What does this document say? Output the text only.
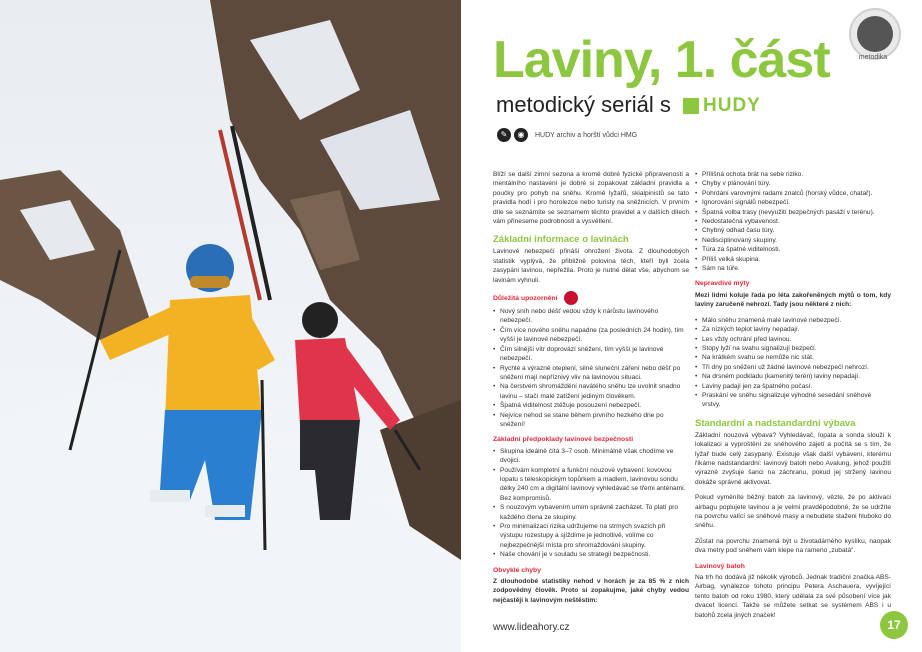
metodika
Laviny, 1. část
metodický seriál s HUDY
✎	◉	HUDY archiv a horští vůdci HMG

Blíží se další zimní sezona a kromě dobré fyzické připravenosti a mentálního nastavení je dobré si zopakovat základní pravidla a poučky pro pohyb na sněhu. Kromě lyžařů, skialpinistů se tato pravidla hodí i pro horolezce nebo turisty na sněžnicích. V prvním díle se seznámíte se seznamem těchto pravidel a v dalších dílech vám přineseme podrobnosti a vysvětlení.

Základní informace o lavinách

Lavinové nebezpečí přináší ohrožení života. Z dlouhodobých statistik vyplývá, že přibližně polovina těch, kteří byli zcela zasypáni lavinou, nepřežila. Proto je nutné dělat vše, abychom se lavinám vyhnuli.

Důležitá upozornění
• Nový sníh nebo déšť vedou vždy k nárůstu lavinového nebezpečí.
• Čím více nového sněhu napadne (za posledních 24 hodin), tím vyšší je lavinové nebezpečí.
• Čím silnější vítr doprovází sněžení, tím vyšší je lavinové nebezpečí.
• Rychlé a výrazné oteplení, silné sluneční záření nebo déšť po sněžení mají nepříznivý vliv na lavinovou situaci.
• Na čerstvém shromáždění navátého sněhu lze uvolnit snadno lavinu – stačí malé zatížení jediným člověkem.
• Špatná viditelnost ztěžuje posouzení nebezpečí.
• Nejvíce nehod se stane během prvního hezkého dne po sněžení!
Základní předpoklady lavinové bezpečnosti
• Skupina ideálně čítá 3–7 osob. Minimálně však chodíme ve dvojici.
• Používám kompletní a funkční nouzové vybavení: kovovou lopatu s teleskopickým topůrkem a madlem, lavinovou sondu délky 240 cm a digitální lavinový vyhledávač se třemi anténami. Bez kompromisů.
• S nouzovým vybavením umím správně zacházet. To platí pro každého člena ze skupiny.
• Pro minimalizaci rizika udržujeme na strmých svazích při výstupu rozestupy a sjíždíme je jednotlivě, volíme co nejbezpečnější místa pro shromaždování skupiny.
• Naše chování je v souladu se strategií bezpečnosti.
Obvyklé chyby

Z dlouhodobé statistiky nehod v horách je za 85 % z nich zodpovědný člověk. Proto si zopakujme, jaké chyby vedou nejčastěji k lavinovým neštěstím:

• Přílišná ochota brát na sebe riziko.
• Chyby v plánování túry.
• Pohrdání varovnými radami znalců (horský vůdce, chatař).
• Ignorování signálů nebezpečí.
• Špatná volba trasy (nevyužití bezpečných pasáží v terénu).
• Nedostatečná vybavenost.
• Chybný odhad času túry.
• Nedisciplinovaný skupiny.
• Túra za špatné viditelnosti.
• Příliš velká skupina.
• Sám na túře.
Nepravdivé mýty

Mezi lidmi koluje řada po léta zakořeněných mýtů o tom, kdy laviny zaručeně nehrozí. Tady jsou některé z nich:

• Málo sněhu znamená malé lavinové nebezpečí.
• Za nízkých teplot laviny nepadají.
• Les vždy ochrání před lavinou.
• Stopy lyží na svahu signalizují bezpečí.
• Na krátkém svahu se nemůže nic stát.
• Tři dny po sněžení už žádné lavinové nebezpečí nehrozí.
• Na drsném podkladu (kamenitý terén) laviny nepadají.
• Laviny padají jen za špatného počasí.
• Praskání ve sněhu signalizuje výhodné sesedání sněhové vrstvy.
Standardní a nadstandardní výbava

Základní nouzová výbava? Vyhledávač, lopata a sonda slouží k lokalizaci a vyproštění ze sněhového zajetí a počítá se s tím, že lyžař bude celý zasypaný. Existuje však další vybavení, kterému říkáme nadstandardní: lavinový batoh nebo Avalung, jehož použití výrazně zvyšuje šanci na záchranu, pokud jej stržený lavinou dokáže správně aktivovat.

Pokud vyměníte běžný batoh za lavinový, vězte, že po aktivaci airbagu poplujete lavinou a je velmi pravděpodobné, že se udržíte na povrchu valící se sněhové masy a nebudete staženi hluboko do sněhu.

Zůstat na povrchu znamená být u životadárného kyslíku, naopak dva metry pod sněhem vám klepe na rameno „zubatá“.

Lavinový batoh

Na trh ho dodává již několik výrobců. Jednak tradiční značka ABS-Airbag, vynálezce tohoto principu Petera Aschauera, vyvíjející tento batoh od roku 1980, který udělala za své působení více jak dvacet licencí. Takže se můžete setkat se systémem ABS i u batohů zcela jiných značek!

www.lideahory.cz	17
